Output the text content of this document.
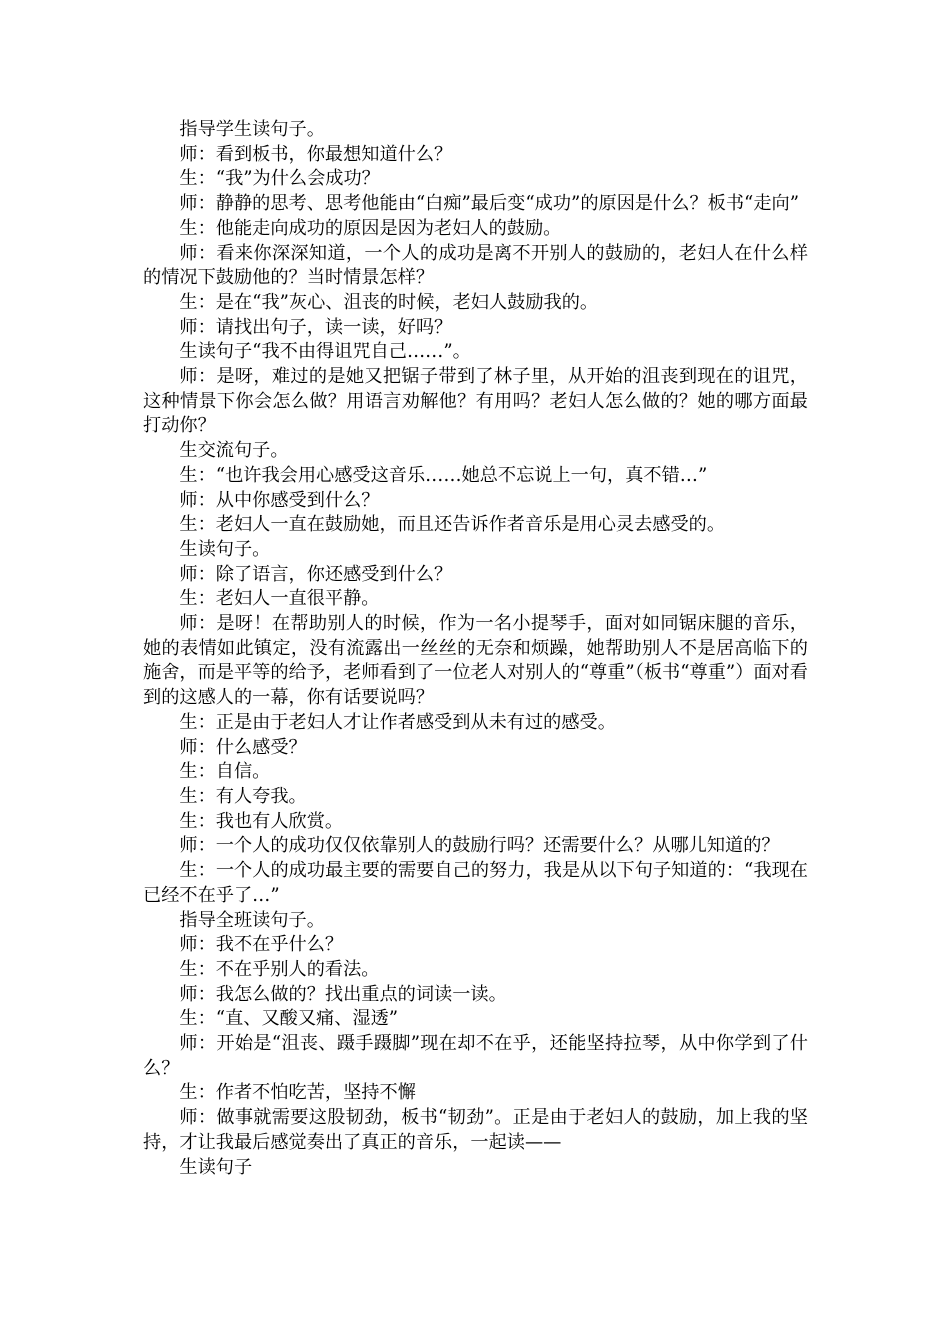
指导学生读句子。

师：看到板书，你最想知道什么？

生：“我”为什么会成功？

师：静静的思考、思考他能由“白痴”最后变“成功”的原因是什么？板书“走向”

生：他能走向成功的原因是因为老妇人的鼓励。

师：看来你深深知道，一个人的成功是离不开别人的鼓励的，老妇人在什么样的情况下鼓励他的？当时情景怎样？

生：是在“我”灰心、沮丧的时候，老妇人鼓励我的。

师：请找出句子，读一读，好吗？

生读句子“我不由得诅咒自己……”。

师：是呀，难过的是她又把锯子带到了林子里，从开始的沮丧到现在的诅咒，这种情景下你会怎么做？用语言劝解他？有用吗？老妇人怎么做的？她的哪方面最打动你？

生交流句子。

生：“也许我会用心感受这音乐……她总不忘说上一句，真不错…”

师：从中你感受到什么？

生：老妇人一直在鼓励她，而且还告诉作者音乐是用心灵去感受的。

生读句子。

师：除了语言，你还感受到什么？

生：老妇人一直很平静。

师：是呀！在帮助别人的时候，作为一名小提琴手，面对如同锯床腿的音乐，她的表情如此镇定，没有流露出一丝丝的无奈和烦躁，她帮助别人不是居高临下的施舍，而是平等的给予，老师看到了一位老人对别人的“尊重”（板书“尊重”）面对看到的这感人的一幕，你有话要说吗？

生：正是由于老妇人才让作者感受到从未有过的感受。

师：什么感受？

生：自信。

生：有人夸我。

生：我也有人欣赏。

师：一个人的成功仅仅依靠别人的鼓励行吗？还需要什么？从哪儿知道的？

生：一个人的成功最主要的需要自己的努力，我是从以下句子知道的：“我现在已经不在乎了…”

指导全班读句子。

师：我不在乎什么？

生：不在乎别人的看法。

师：我怎么做的？找出重点的词读一读。

生：“直、又酸又痛、湿透”

师：开始是“沮丧、蹑手蹑脚”现在却不在乎，还能坚持拉琴，从中你学到了什么？

生：作者不怕吃苦，坚持不懈

师：做事就需要这股韧劲，板书“韧劲”。正是由于老妇人的鼓励，加上我的坚持，才让我最后感觉奏出了真正的音乐，一起读——

生读句子
